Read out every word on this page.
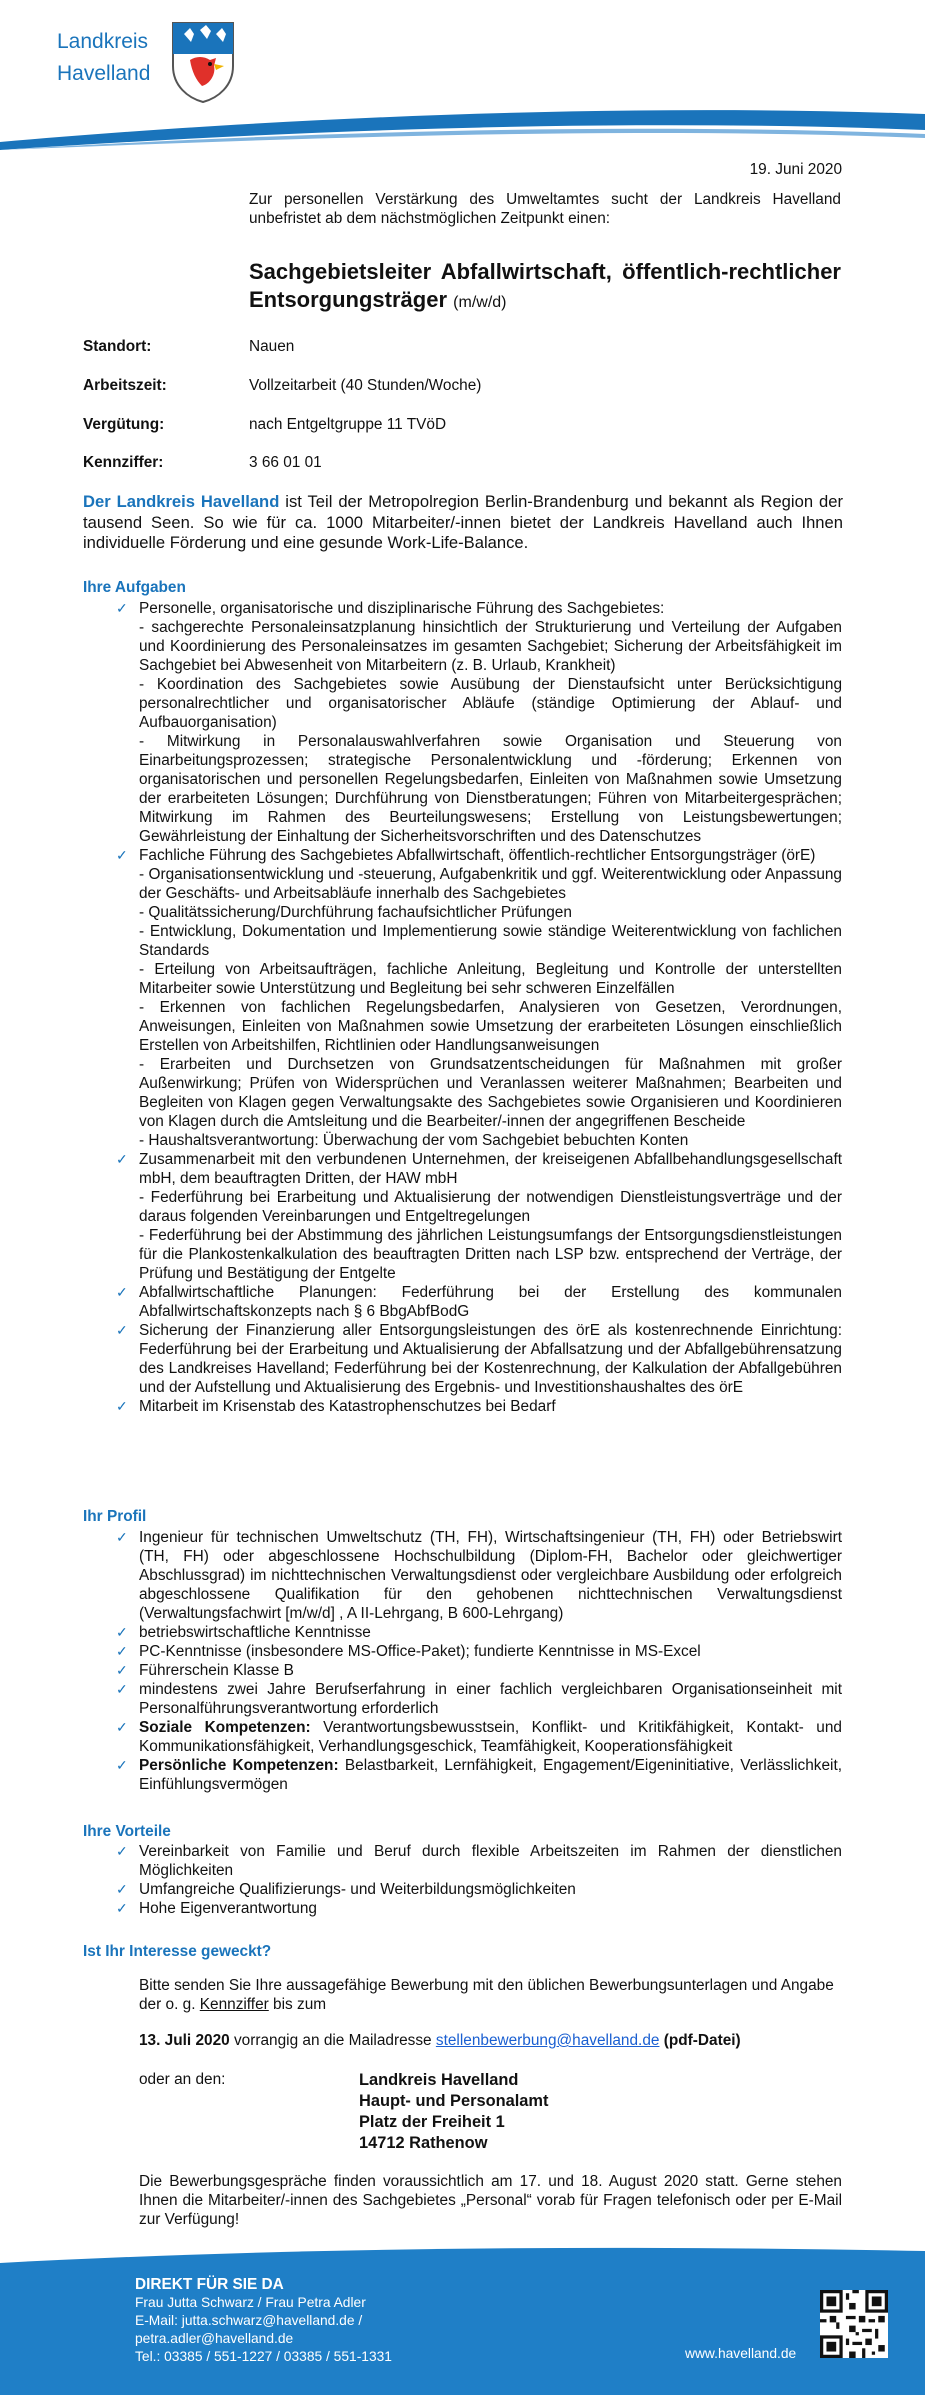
Landkreis
Havelland
19. Juni 2020
Zur personellen Verstärkung des Umweltamtes sucht der Landkreis Havelland unbefristet ab dem nächstmöglichen Zeitpunkt einen:
Sachgebietsleiter Abfallwirtschaft, öffentlich-rechtlicher Entsorgungsträger (m/w/d)
Standort:	Nauen
Arbeitszeit:	Vollzeitarbeit (40 Stunden/Woche)
Vergütung:	nach Entgeltgruppe 11 TVöD
Kennziffer:	3 66 01 01
Der Landkreis Havelland ist Teil der Metropolregion Berlin-Brandenburg und bekannt als Region der tausend Seen. So wie für ca. 1000 Mitarbeiter/-innen bietet der Landkreis Havelland auch Ihnen individuelle Förderung und eine gesunde Work-Life-Balance.
Ihre Aufgaben
✓ Personelle, organisatorische und disziplinarische Führung des Sachgebietes:
- sachgerechte Personaleinsatzplanung hinsichtlich der Strukturierung und Verteilung der Aufgaben und Koordinierung des Personaleinsatzes im gesamten Sachgebiet; Sicherung der Arbeitsfähigkeit im Sachgebiet bei Abwesenheit von Mitarbeitern (z. B. Urlaub, Krankheit)
- Koordination des Sachgebietes sowie Ausübung der Dienstaufsicht unter Berücksichtigung personalrechtlicher und organisatorischer Abläufe (ständige Optimierung der Ablauf- und Aufbauorganisation)
- Mitwirkung in Personalauswahlverfahren sowie Organisation und Steuerung von Einarbeitungsprozessen; strategische Personalentwicklung und -förderung; Erkennen von organisatorischen und personellen Regelungsbedarfen, Einleiten von Maßnahmen sowie Umsetzung der erarbeiteten Lösungen; Durchführung von Dienstberatungen; Führen von Mitarbeitergesprächen; Mitwirkung im Rahmen des Beurteilungswesens; Erstellung von Leistungsbewertungen; Gewährleistung der Einhaltung der Sicherheitsvorschriften und des Datenschutzes
✓ Fachliche Führung des Sachgebietes Abfallwirtschaft, öffentlich-rechtlicher Entsorgungsträger (örE)
- Organisationsentwicklung und -steuerung, Aufgabenkritik und ggf. Weiterentwicklung oder Anpassung der Geschäfts- und Arbeitsabläufe innerhalb des Sachgebietes
- Qualitätssicherung/Durchführung fachaufsichtlicher Prüfungen
- Entwicklung, Dokumentation und Implementierung sowie ständige Weiterentwicklung von fachlichen Standards
- Erteilung von Arbeitsaufträgen, fachliche Anleitung, Begleitung und Kontrolle der unterstellten Mitarbeiter sowie Unterstützung und Begleitung bei sehr schweren Einzelfällen
- Erkennen von fachlichen Regelungsbedarfen, Analysieren von Gesetzen, Verordnungen, Anweisungen, Einleiten von Maßnahmen sowie Umsetzung der erarbeiteten Lösungen einschließlich Erstellen von Arbeitshilfen, Richtlinien oder Handlungsanweisungen
- Erarbeiten und Durchsetzen von Grundsatzentscheidungen für Maßnahmen mit großer Außenwirkung; Prüfen von Widersprüchen und Veranlassen weiterer Maßnahmen; Bearbeiten und Begleiten von Klagen gegen Verwaltungsakte des Sachgebietes sowie Organisieren und Koordinieren von Klagen durch die Amtsleitung und die Bearbeiter/-innen der angegriffenen Bescheide
- Haushaltsverantwortung: Überwachung der vom Sachgebiet bebuchten Konten
✓ Zusammenarbeit mit den verbundenen Unternehmen, der kreiseigenen Abfallbehandlungsgesellschaft mbH, dem beauftragten Dritten, der HAW mbH
- Federführung bei Erarbeitung und Aktualisierung der notwendigen Dienstleistungsverträge und der daraus folgenden Vereinbarungen und Entgeltregelungen
- Federführung bei der Abstimmung des jährlichen Leistungsumfangs der Entsorgungsdienstleistungen für die Plankostenkalkulation des beauftragten Dritten nach LSP bzw. entsprechend der Verträge, der Prüfung und Bestätigung der Entgelte
✓ Abfallwirtschaftliche Planungen: Federführung bei der Erstellung des kommunalen Abfallwirtschaftskonzepts nach § 6 BbgAbfBodG
✓ Sicherung der Finanzierung aller Entsorgungsleistungen des örE als kostenrechnende Einrichtung: Federführung bei der Erarbeitung und Aktualisierung der Abfallsatzung und der Abfallgebührensatzung des Landkreises Havelland; Federführung bei der Kostenrechnung, der Kalkulation der Abfallgebühren und der Aufstellung und Aktualisierung des Ergebnis- und Investitionshaushaltes des örE
✓ Mitarbeit im Krisenstab des Katastrophenschutzes bei Bedarf
Ihr Profil
✓ Ingenieur für technischen Umweltschutz (TH, FH), Wirtschaftsingenieur (TH, FH) oder Betriebswirt (TH, FH) oder abgeschlossene Hochschulbildung (Diplom-FH, Bachelor oder gleichwertiger Abschlussgrad) im nichttechnischen Verwaltungsdienst oder vergleichbare Ausbildung oder erfolgreich abgeschlossene Qualifikation für den gehobenen nichttechnischen Verwaltungsdienst (Verwaltungsfachwirt [m/w/d] , A II-Lehrgang, B 600-Lehrgang)
✓ betriebswirtschaftliche Kenntnisse
✓ PC-Kenntnisse (insbesondere MS-Office-Paket); fundierte Kenntnisse in MS-Excel
✓ Führerschein Klasse B
✓ mindestens zwei Jahre Berufserfahrung in einer fachlich vergleichbaren Organisationseinheit mit Personalführungsverantwortung erforderlich
✓ Soziale Kompetenzen: Verantwortungsbewusstsein, Konflikt- und Kritikfähigkeit, Kontakt- und Kommunikationsfähigkeit, Verhandlungsgeschick, Teamfähigkeit, Kooperationsfähigkeit
✓ Persönliche Kompetenzen: Belastbarkeit, Lernfähigkeit, Engagement/Eigeninitiative, Verlässlichkeit, Einfühlungsvermögen
Ihre Vorteile
✓ Vereinbarkeit von Familie und Beruf durch flexible Arbeitszeiten im Rahmen der dienstlichen Möglichkeiten
✓ Umfangreiche Qualifizierungs- und Weiterbildungsmöglichkeiten
✓ Hohe Eigenverantwortung
Ist Ihr Interesse geweckt?
Bitte senden Sie Ihre aussagefähige Bewerbung mit den üblichen Bewerbungsunterlagen und Angabe der o. g. Kennziffer bis zum
13. Juli 2020 vorrangig an die Mailadresse stellenbewerbung@havelland.de (pdf-Datei)
oder an den:	Landkreis Havelland
Haupt- und Personalamt
Platz der Freiheit 1
14712 Rathenow
Die Bewerbungsgespräche finden voraussichtlich am 17. und 18. August 2020 statt. Gerne stehen Ihnen die Mitarbeiter/-innen des Sachgebietes „Personal“ vorab für Fragen telefonisch oder per E-Mail zur Verfügung!
DIREKT FÜR SIE DA
Frau Jutta Schwarz / Frau Petra Adler
E-Mail: jutta.schwarz@havelland.de /
petra.adler@havelland.de
Tel.: 03385 / 551-1227 / 03385 / 551-1331	www.havelland.de
